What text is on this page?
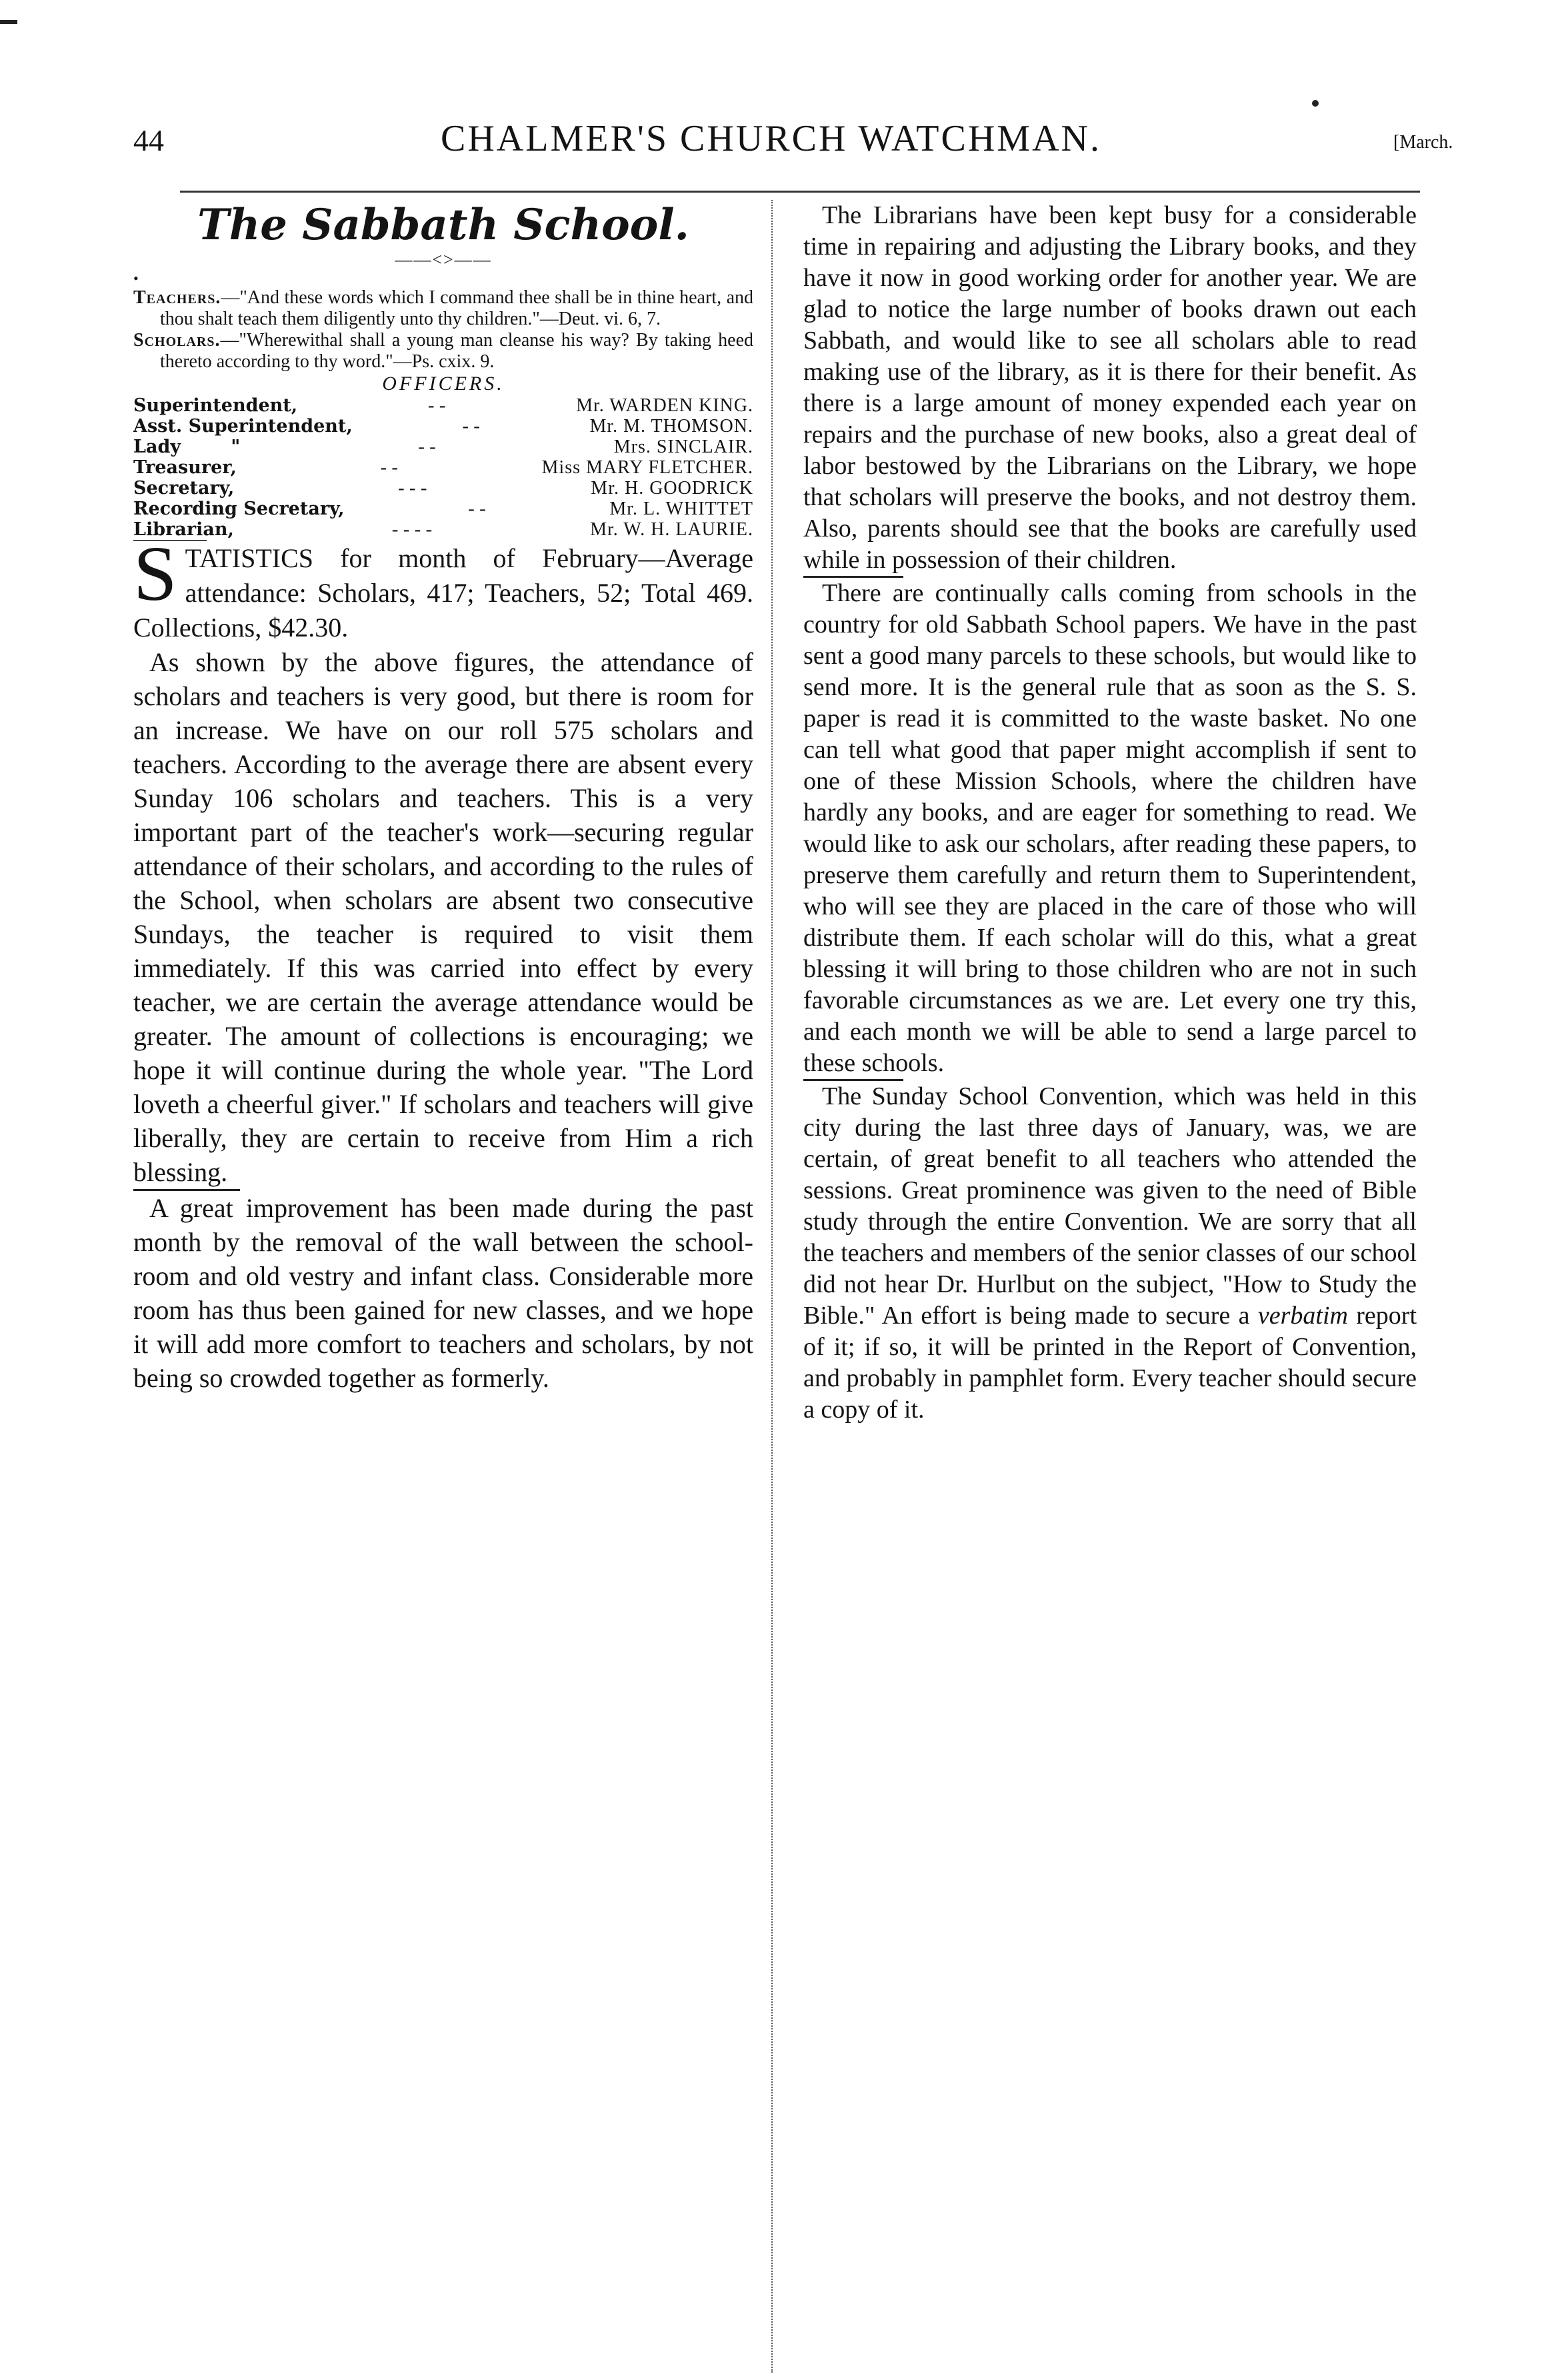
44	CHALMER'S CHURCH WATCHMAN.	[March.
The Sabbath School.
——<>——
•

Teachers.—"And these words which I command thee shall be in thine heart, and thou shalt teach them diligently unto thy children."—Deut. vi. 6, 7.

Scholars.—"Wherewithal shall a young man cleanse his way? By taking heed thereto according to thy word."—Ps. cxix. 9.

OFFICERS.
Superintendent,	- -	Mr. WARDEN KING.
Asst. Superintendent,	- -	Mr. M. THOMSON.
Lady        "	- -	Mrs. SINCLAIR.
Treasurer,	- -	Miss MARY FLETCHER.
Secretary,	- - -	Mr. H. GOODRICK
Recording Secretary,	- -	Mr. L. WHITTET
Librarian,	- - - -	Mr. W. H. LAURIE.

STATISTICS for month of February—Average attendance: Scholars, 417; Teachers, 52; Total 469. Collections, $42.30.

As shown by the above figures, the attendance of scholars and teachers is very good, but there is room for an increase. We have on our roll 575 scholars and teachers. According to the average there are absent every Sunday 106 scholars and teachers. This is a very important part of the teacher's work—securing regular attendance of their scholars, and according to the rules of the School, when scholars are absent two consecutive Sundays, the teacher is required to visit them immediately. If this was carried into effect by every teacher, we are certain the average attendance would be greater. The amount of collections is encouraging; we hope it will continue during the whole year. "The Lord loveth a cheerful giver." If scholars and teachers will give liberally, they are certain to receive from Him a rich blessing.

A great improvement has been made during the past month by the removal of the wall between the school-room and old vestry and infant class. Considerable more room has thus been gained for new classes, and we hope it will add more comfort to teachers and scholars, by not being so crowded together as formerly.

The Librarians have been kept busy for a considerable time in repairing and adjusting the Library books, and they have it now in good working order for another year. We are glad to notice the large number of books drawn out each Sabbath, and would like to see all scholars able to read making use of the library, as it is there for their benefit. As there is a large amount of money expended each year on repairs and the purchase of new books, also a great deal of labor bestowed by the Librarians on the Library, we hope that scholars will preserve the books, and not destroy them. Also, parents should see that the books are carefully used while in possession of their children.

There are continually calls coming from schools in the country for old Sabbath School papers. We have in the past sent a good many parcels to these schools, but would like to send more. It is the general rule that as soon as the S. S. paper is read it is committed to the waste basket. No one can tell what good that paper might accomplish if sent to one of these Mission Schools, where the children have hardly any books, and are eager for something to read. We would like to ask our scholars, after reading these papers, to preserve them carefully and return them to Superintendent, who will see they are placed in the care of those who will distribute them. If each scholar will do this, what a great blessing it will bring to those children who are not in such favorable circumstances as we are. Let every one try this, and each month we will be able to send a large parcel to these schools.

The Sunday School Convention, which was held in this city during the last three days of January, was, we are certain, of great benefit to all teachers who attended the sessions. Great prominence was given to the need of Bible study through the entire Convention. We are sorry that all the teachers and members of the senior classes of our school did not hear Dr. Hurlbut on the subject, "How to Study the Bible." An effort is being made to secure a verbatim report of it; if so, it will be printed in the Report of Convention, and probably in pamphlet form. Every teacher should secure a copy of it.
